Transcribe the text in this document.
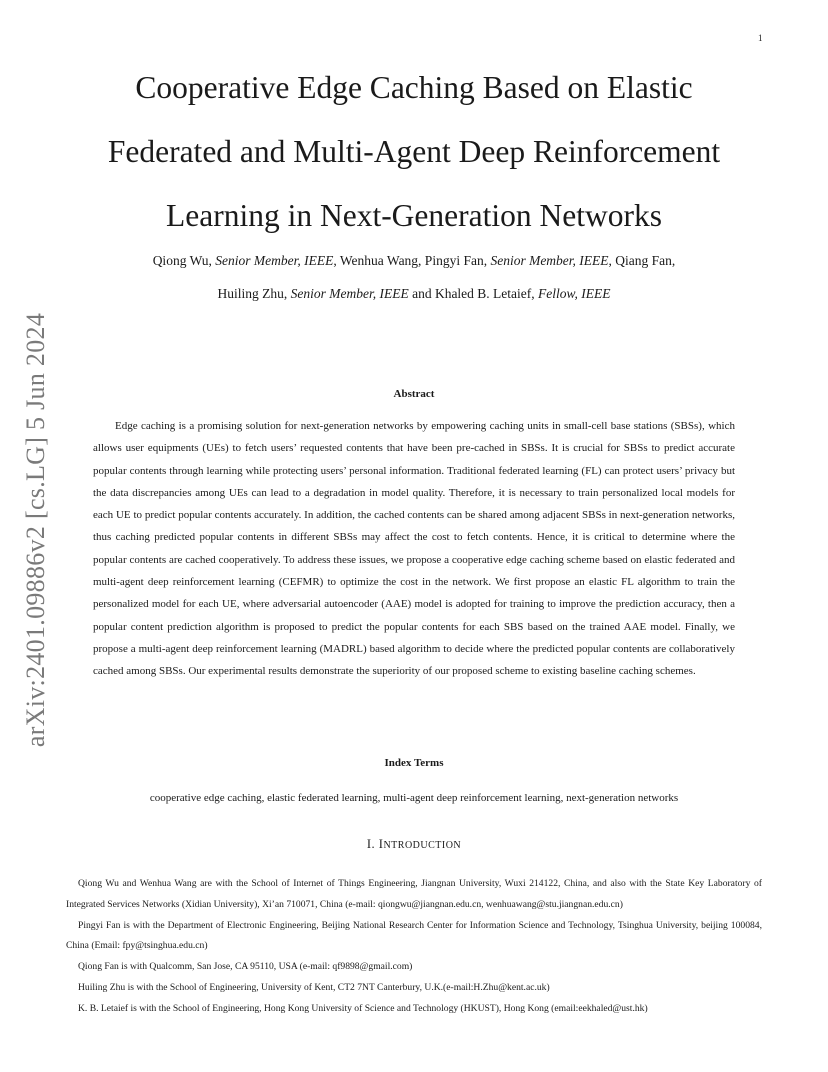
1
arXiv:2401.09886v2 [cs.LG] 5 Jun 2024
Cooperative Edge Caching Based on Elastic
Federated and Multi-Agent Deep Reinforcement
Learning in Next-Generation Networks
Qiong Wu, Senior Member, IEEE, Wenhua Wang, Pingyi Fan, Senior Member, IEEE, Qiang Fan,
Huiling Zhu, Senior Member, IEEE and Khaled B. Letaief, Fellow, IEEE
Abstract

Edge caching is a promising solution for next-generation networks by empowering caching units in small-cell base stations (SBSs), which allows user equipments (UEs) to fetch users’ requested contents that have been pre-cached in SBSs. It is crucial for SBSs to predict accurate popular contents through learning while protecting users’ personal information. Traditional federated learning (FL) can protect users’ privacy but the data discrepancies among UEs can lead to a degradation in model quality. Therefore, it is necessary to train personalized local models for each UE to predict popular contents accurately. In addition, the cached contents can be shared among adjacent SBSs in next-generation networks, thus caching predicted popular contents in different SBSs may affect the cost to fetch contents. Hence, it is critical to determine where the popular contents are cached cooperatively. To address these issues, we propose a cooperative edge caching scheme based on elastic federated and multi-agent deep reinforcement learning (CEFMR) to optimize the cost in the network. We first propose an elastic FL algorithm to train the personalized model for each UE, where adversarial autoencoder (AAE) model is adopted for training to improve the prediction accuracy, then a popular content prediction algorithm is proposed to predict the popular contents for each SBS based on the trained AAE model. Finally, we propose a multi-agent deep reinforcement learning (MADRL) based algorithm to decide where the predicted popular contents are collaboratively cached among SBSs. Our experimental results demonstrate the superiority of our proposed scheme to existing baseline caching schemes.

Index Terms
cooperative edge caching, elastic federated learning, multi-agent deep reinforcement learning, next-generation networks
I. INTRODUCTION

Qiong Wu and Wenhua Wang are with the School of Internet of Things Engineering, Jiangnan University, Wuxi 214122, China, and also with the State Key Laboratory of Integrated Services Networks (Xidian University), Xi’an 710071, China (e-mail: qiongwu@jiangnan.edu.cn, wenhuawang@stu.jiangnan.edu.cn)

Pingyi Fan is with the Department of Electronic Engineering, Beijing National Research Center for Information Science and Technology, Tsinghua University, beijing 100084, China (Email: fpy@tsinghua.edu.cn)

Qiong Fan is with Qualcomm, San Jose, CA 95110, USA (e-mail: qf9898@gmail.com)

Huiling Zhu is with the School of Engineering, University of Kent, CT2 7NT Canterbury, U.K.(e-mail:H.Zhu@kent.ac.uk)

K. B. Letaief is with the School of Engineering, Hong Kong University of Science and Technology (HKUST), Hong Kong (email:eekhaled@ust.hk)
